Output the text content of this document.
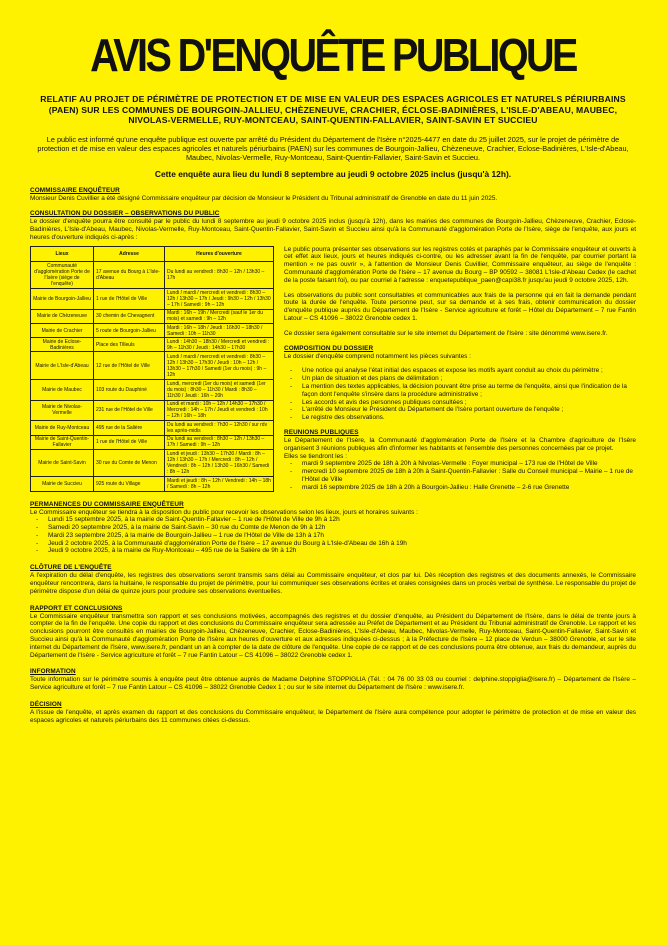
AVIS D'ENQUÊTE PUBLIQUE
RELATIF AU PROJET DE PÉRIMÈTRE DE PROTECTION ET DE MISE EN VALEUR DES ESPACES AGRICOLES ET NATURELS PÉRIURBAINS (PAEN) SUR LES COMMUNES DE BOURGOIN-JALLIEU, CHÈZENEUVE, CRACHIER, ÉCLOSE-BADINIÈRES, L'ISLE-D'ABEAU, MAUBEC, NIVOLAS-VERMELLE, RUY-MONTCEAU, SAINT-QUENTIN-FALLAVIER, SAINT-SAVIN ET SUCCIEU
Le public est informé qu'une enquête publique est ouverte par arrêté du Président du Département de l'Isère n°2025-4477 en date du 25 juillet 2025, sur le projet de périmètre de protection et de mise en valeur des espaces agricoles et naturels périurbains (PAEN) sur les communes de Bourgoin-Jallieu, Chèzeneuve, Crachier, Eclose-Badinières, L'Isle-d'Abeau, Maubec, Nivolas-Vermelle, Ruy-Montceau, Saint-Quentin-Fallavier, Saint-Savin et Succieu.
Cette enquête aura lieu du lundi 8 septembre au jeudi 9 octobre 2025 inclus (jusqu'à 12h).
COMMISSAIRE ENQUÊTEUR

Monsieur Denis Cuvillier a été désigné Commissaire enquêteur par décision de Monsieur le Président du Tribunal administratif de Grenoble en date du 11 juin 2025.

CONSULTATION DU DOSSIER – OBSERVATIONS DU PUBLIC

Le dossier d'enquête pourra être consulté par le public du lundi 8 septembre au jeudi 9 octobre 2025 inclus (jusqu'à 12h), dans les mairies des communes de Bourgoin-Jallieu, Chèzeneuve, Crachier, Eclose-Badinières, L'Isle-d'Abeau, Maubec, Nivolas-Vermelle, Ruy-Montceau, Saint-Quentin-Fallavier, Saint-Savin et Succieu ainsi qu'à la Communauté d'agglomération Porte de l'Isère, siège de l'enquête, aux jours et heures d'ouverture indiqués ci-après :

Lieux	Adresse	Heures d'ouverture
Communauté d'agglomération Porte de l'Isère (siège de l'enquête)	17 avenue du Bourg à L'Isle-d'Abeau	Du lundi au vendredi : 8h30 – 12h / 13h30 – 17h
Mairie de Bourgoin-Jallieu	1 rue de l'Hôtel de Ville	Lundi / mardi / mercredi et vendredi : 8h30 – 12h / 13h30 – 17h / Jeudi : 9h30 – 12h / 13h30 – 17h / Samedi : 9h – 12h
Mairie de Chèzeneuve	30 chemin de Chevagnent	Mardi : 16h – 19h / Mercredi (sauf le 1er du mois) et samedi : 9h – 12h
Mairie de Crachier	5 route de Bourgoin-Jallieu	Mardi : 16h – 18h / Jeudi : 16h30 – 18h30 / Samedi : 10h – 11h30
Mairie de Eclose-Badinières	Place des Tilleuls	Lundi : 14h30 – 18h30 / Mercredi et vendredi : 9h – 11h30 / Jeudi : 14h30 – 17h30
Mairie de L'Isle-d'Abeau	12 rue de l'Hôtel de Ville	Lundi / mardi / mercredi et vendredi : 8h30 – 12h / 13h30 – 17h30 / Jeudi : 10h – 12h / 13h30 – 17h30 / Samedi (1er du mois) : 9h – 12h
Mairie de Maubec	103 route du Dauphiné	Lundi, mercredi (1er du mois) et samedi (1er du mois) : 8h30 – 11h30 / Mardi : 8h30 – 11h30 / Jeudi : 16h – 20h
Mairie de Nivolas-Vermelle	231 rue de l'Hôtel de Ville	Lundi et mardi : 10h – 12h / 14h30 – 17h30 / Mercredi : 14h – 17h / Jeudi et vendredi : 10h – 12h / 16h – 18h
Mairie de Ruy-Montceau	495 rue de la Salière	Du lundi au vendredi : 7h30 – 12h30 / sur rdv les après-midis
Mairie de Saint-Quentin-Fallavier	1 rue de l'Hôtel de Ville	Du lundi au vendredi : 8h30 – 12h / 13h30 – 17h / Samedi : 9h – 12h
Mairie de Saint-Savin	30 rue du Comte de Menon	Lundi et jeudi : 13h30 – 17h30 / Mardi : 8h – 12h / 13h30 – 17h / Mercredi : 8h – 12h / Vendredi : 8h – 12h / 13h30 – 16h30 / Samedi : 8h – 12h
Mairie de Succieu	925 route du Village	Mardi et jeudi : 8h – 12h / Vendredi : 14h – 18h / Samedi : 8h – 12h

Le public pourra présenter ses observations sur les registres cotés et paraphés par le Commissaire enquêteur et ouverts à cet effet aux lieux, jours et heures indiqués ci-contre, ou les adresser avant la fin de l'enquête, par courrier portant la mention « ne pas ouvrir », à l'attention de Monsieur Denis Cuvillier, Commissaire enquêteur, au siège de l'enquête : Communauté d'agglomération Porte de l'Isère – 17 avenue du Bourg – BP 90592 – 38081 L'Isle-d'Abeau Cedex (le cachet de la poste faisant foi), ou par courriel à l'adresse : enquetepublique_paen@capi38.fr jusqu'au jeudi 9 octobre 2025, 12h.

Les observations du public sont consultables et communicables aux frais de la personne qui en fait la demande pendant toute la durée de l'enquête. Toute personne peut, sur sa demande et à ses frais, obtenir communication du dossier d'enquête publique auprès du Département de l'Isère - Service agriculture et forêt – Hôtel du Département – 7 rue Fantin Latour – CS 41096 – 38022 Grenoble cedex 1.

Ce dossier sera également consultable sur le site internet du Département de l'Isère : site dénommé www.isere.fr.

COMPOSITION DU DOSSIER

Le dossier d'enquête comprend notamment les pièces suivantes :

- Une notice qui analyse l'état initial des espaces et expose les motifs ayant conduit au choix du périmètre ;
- Un plan de situation et des plans de délimitation ;
- La mention des textes applicables, la décision pouvant être prise au terme de l'enquête, ainsi que l'indication de la façon dont l'enquête s'insère dans la procédure administrative ;
- Les accords et avis des personnes publiques consultées ;
- L'arrêté de Monsieur le Président du Département de l'Isère portant ouverture de l'enquête ;
- Le registre des observations.
REUNIONS PUBLIQUES

Le Département de l'Isère, la Communauté d'agglomération Porte de l'Isère et la Chambre d'agriculture de l'Isère organisent 3 réunions publiques afin d'informer les habitants et l'ensemble des personnes concernées par ce projet.

Elles se tiendront les :

- mardi 9 septembre 2025 de 18h à 20h à Nivolas-Vermelle : Foyer municipal – 173 rue de l'Hôtel de Ville
- mercredi 10 septembre 2025 de 18h à 20h à Saint-Quentin-Fallavier : Salle du Conseil municipal – Mairie – 1 rue de l'Hôtel de Ville
- mardi 16 septembre 2025 de 18h à 20h à Bourgoin-Jallieu : Halle Grenette – 2-6 rue Grenette
PERMANENCES DU COMMISSAIRE ENQUÊTEUR

Le Commissaire enquêteur se tiendra à la disposition du public pour recevoir les observations selon les lieux, jours et horaires suivants :

- Lundi 15 septembre 2025, à la mairie de Saint-Quentin-Fallavier – 1 rue de l'Hôtel de Ville de 9h à 12h
- Samedi 20 septembre 2025, à la mairie de Saint-Savin – 30 rue du Comte de Menon de 9h à 12h
- Mardi 23 septembre 2025, à la mairie de Bourgoin-Jallieu – 1 rue de l'Hôtel de Ville de 13h à 17h
- Jeudi 2 octobre 2025, à la Communauté d'agglomération Porte de l'Isère – 17 avenue du Bourg à L'Isle-d'Abeau de 16h à 19h
- Jeudi 9 octobre 2025, à la mairie de Ruy-Montceau – 495 rue de la Salière de 9h à 12h
CLÔTURE DE L'ENQUÊTE

A l'expiration du délai d'enquête, les registres des observations seront transmis sans délai au Commissaire enquêteur, et clos par lui. Dès réception des registres et des documents annexés, le Commissaire enquêteur rencontrera, dans la huitaine, le responsable du projet de périmètre, pour lui communiquer ses observations écrites et orales consignées dans un procès verbal de synthèse. Le responsable du projet de périmètre dispose d'un délai de quinze jours pour produire ses observations éventuelles.

RAPPORT ET CONCLUSIONS

Le Commissaire enquêteur transmettra son rapport et ses conclusions motivées, accompagnés des registres et du dossier d'enquête, au Président du Département de l'Isère, dans le délai de trente jours à compter de la fin de l'enquête. Une copie du rapport et des conclusions du Commissaire enquêteur sera adressée au Préfet de Département et au Président du Tribunal administratif de Grenoble. Le rapport et les conclusions pourront être consultés en mairies de Bourgoin-Jallieu, Chèzeneuve, Crachier, Eclose-Badinières, L'Isle-d'Abeau, Maubec, Nivolas-Vermelle, Ruy-Montceau, Saint-Quentin-Fallavier, Saint-Savin et Succieu ainsi qu'à la Communauté d'agglomération Porte de l'Isère aux heures d'ouverture et aux adresses indiquées ci-dessus ; à la Préfecture de l'Isère – 12 place de Verdun – 38000 Grenoble, et sur le site internet du Département de l'Isère, www.isere.fr, pendant un an à compter de la date de clôture de l'enquête. Une copie de ce rapport et de ces conclusions pourra être obtenue, aux frais du demandeur, auprès du Département de l'Isère - Service agriculture et forêt – 7 rue Fantin Latour – CS 41096 – 38022 Grenoble cedex 1.

INFORMATION

Toute information sur le périmètre soumis à enquête peut être obtenue auprès de Madame Delphine STOPPIGLIA (Tél. : 04 76 00 33 03 ou courriel : delphine.stoppiglia@isere.fr) – Département de l'Isère – Service agriculture et forêt – 7 rue Fantin Latour – CS 41096 – 38022 Grenoble Cedex 1 ; ou sur le site internet du Département de l'Isère : www.isere.fr.

DÉCISION

A l'issue de l'enquête, et après examen du rapport et des conclusions du Commissaire enquêteur, le Département de l'Isère aura compétence pour adopter le périmètre de protection et de mise en valeur des espaces agricoles et naturels périurbains des 11 communes citées ci-dessus.
